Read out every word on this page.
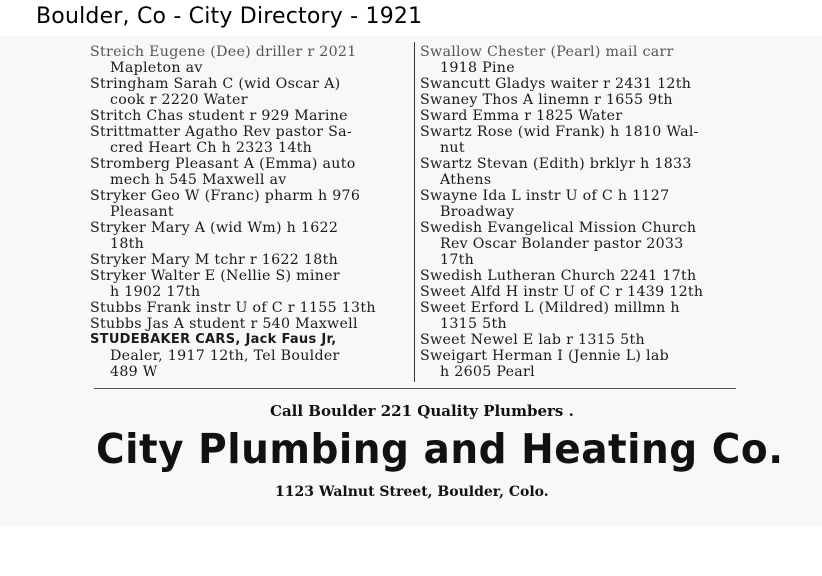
Boulder, Co - City Directory - 1921
Streich Eugene (Dee) driller r 2021
Mapleton av
Stringham Sarah C (wid Oscar A)
cook r 2220 Water
Stritch Chas student r 929 Marine
Strittmatter Agatho Rev pastor Sa-
cred Heart Ch h 2323 14th
Stromberg Pleasant A (Emma) auto
mech h 545 Maxwell av
Stryker Geo W (Franc) pharm h 976
Pleasant
Stryker Mary A (wid Wm) h 1622
18th
Stryker Mary M tchr r 1622 18th
Stryker Walter E (Nellie S) miner
h 1902 17th
Stubbs Frank instr U of C r 1155 13th
Stubbs Jas A student r 540 Maxwell
STUDEBAKER CARS, Jack Faus Jr,
Dealer, 1917 12th, Tel Boulder
489 W
Swallow Chester (Pearl) mail carr
1918 Pine
Swancutt Gladys waiter r 2431 12th
Swaney Thos A linemn r 1655 9th
Sward Emma r 1825 Water
Swartz Rose (wid Frank) h 1810 Wal-
nut
Swartz Stevan (Edith) brklyr h 1833
Athens
Swayne Ida L instr U of C h 1127
Broadway
Swedish Evangelical Mission Church
Rev Oscar Bolander pastor 2033
17th
Swedish Lutheran Church 2241 17th
Sweet Alfd H instr U of C r 1439 12th
Sweet Erford L (Mildred) millmn h
1315 5th
Sweet Newel E lab r 1315 5th
Sweigart Herman I (Jennie L) lab
h 2605 Pearl
Call Boulder 221 Quality Plumbers .
City Plumbing and Heating Co.
1123 Walnut Street, Boulder, Colo.
